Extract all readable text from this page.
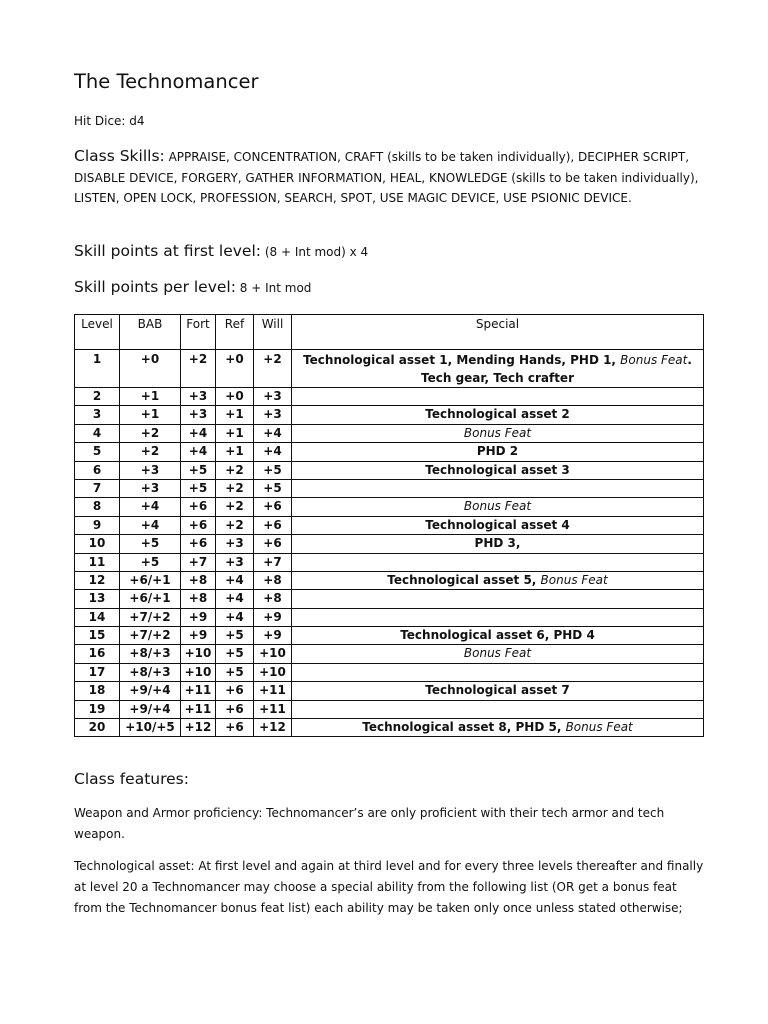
The Technomancer
Hit Dice: d4
Class Skills: APPRAISE, CONCENTRATION, CRAFT (skills to be taken individually), DECIPHER SCRIPT, DISABLE DEVICE, FORGERY, GATHER INFORMATION, HEAL, KNOWLEDGE (skills to be taken individually), LISTEN, OPEN LOCK, PROFESSION, SEARCH, SPOT, USE MAGIC DEVICE, USE PSIONIC DEVICE.
Skill points at first level: (8 + Int mod) x 4
Skill points per level: 8 + Int mod
Level	BAB	Fort	Ref	Will	Special
1	+0	+2	+0	+2	Technological asset 1, Mending Hands, PHD 1, Bonus Feat. Tech gear, Tech crafter
2	+1	+3	+0	+3	
3	+1	+3	+1	+3	Technological asset 2
4	+2	+4	+1	+4	Bonus Feat
5	+2	+4	+1	+4	PHD 2
6	+3	+5	+2	+5	Technological asset 3
7	+3	+5	+2	+5	
8	+4	+6	+2	+6	Bonus Feat
9	+4	+6	+2	+6	Technological asset 4
10	+5	+6	+3	+6	PHD 3,
11	+5	+7	+3	+7	
12	+6/+1	+8	+4	+8	Technological asset 5, Bonus Feat
13	+6/+1	+8	+4	+8	
14	+7/+2	+9	+4	+9	
15	+7/+2	+9	+5	+9	Technological asset 6, PHD 4
16	+8/+3	+10	+5	+10	Bonus Feat
17	+8/+3	+10	+5	+10	
18	+9/+4	+11	+6	+11	Technological asset 7
19	+9/+4	+11	+6	+11	
20	+10/+5	+12	+6	+12	Technological asset 8, PHD 5, Bonus Feat
Class features:
Weapon and Armor proficiency: Technomancer’s are only proficient with their tech armor and tech weapon.
Technological asset: At first level and again at third level and for every three levels thereafter and finally at level 20 a Technomancer may choose a special ability from the following list (OR get a bonus feat from the Technomancer bonus feat list) each ability may be taken only once unless stated otherwise;
